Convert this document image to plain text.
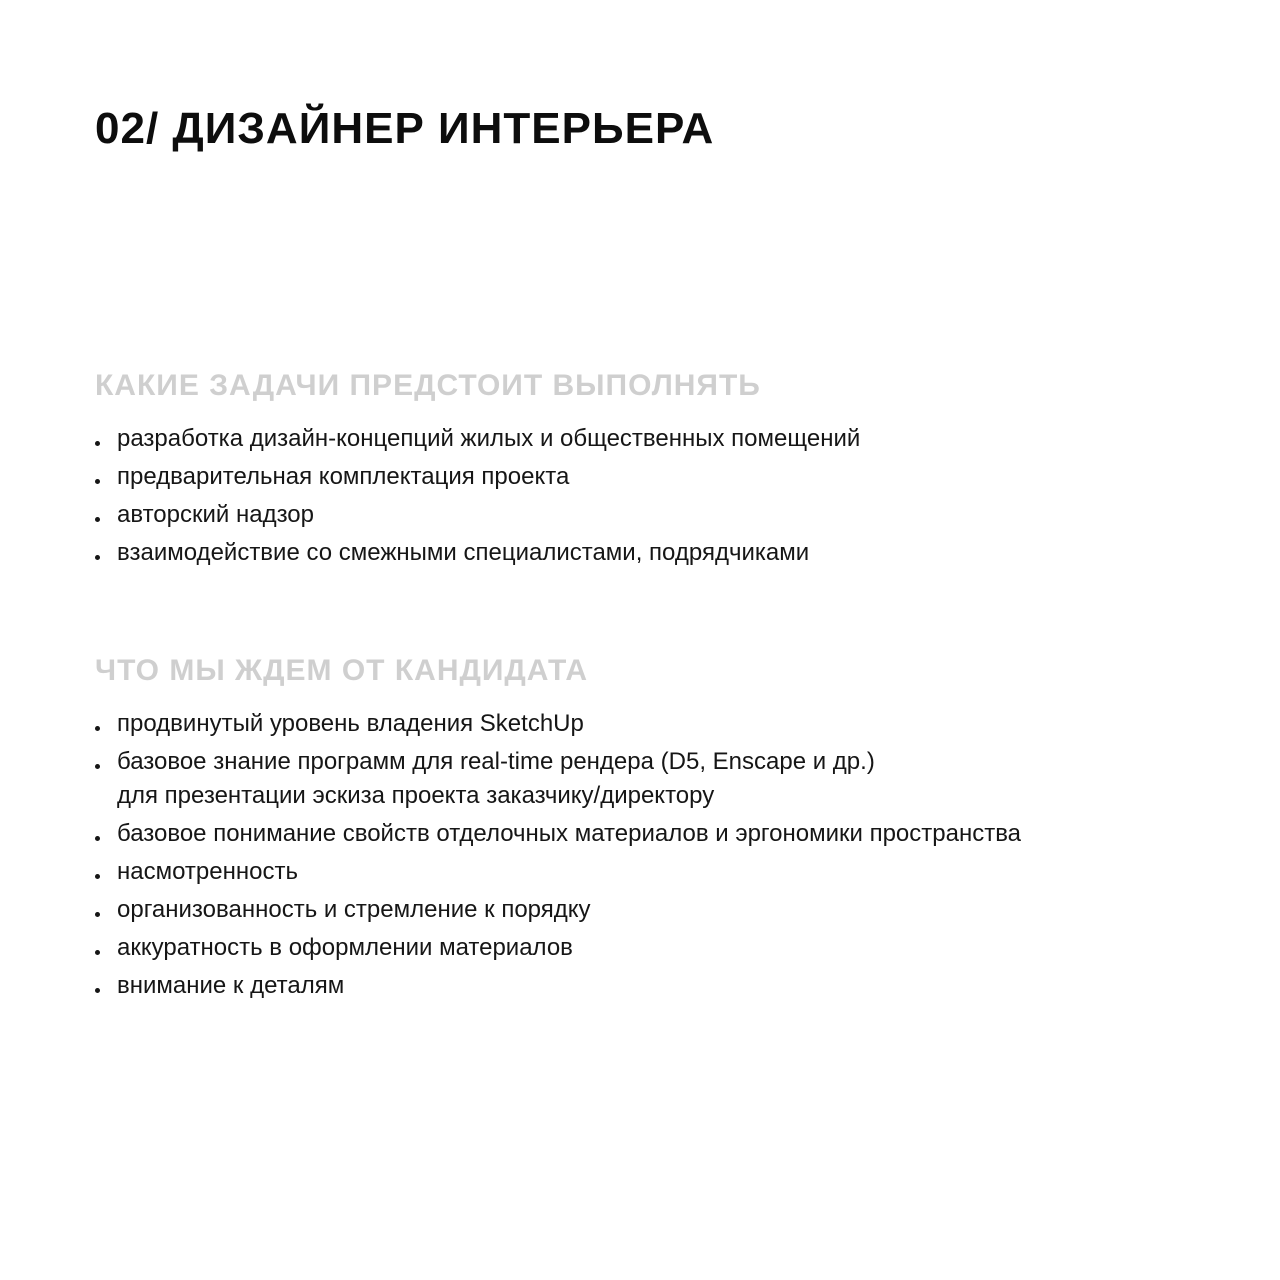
02/ ДИЗАЙНЕР ИНТЕРЬЕРА
КАКИЕ ЗАДАЧИ ПРЕДСТОИТ ВЫПОЛНЯТЬ
разработка дизайн-концепций жилых и общественных помещений
предварительная комплектация проекта
авторский надзор
взаимодействие со смежными специалистами, подрядчиками
ЧТО МЫ ЖДЕМ ОТ КАНДИДАТА
продвинутый уровень владения SketchUp
базовое знание программ для real-time рендера (D5, Enscape и др.)
для презентации эскиза проекта заказчику/директору
базовое понимание свойств отделочных материалов и эргономики пространства
насмотренность
организованность и стремление к порядку
аккуратность в оформлении материалов
внимание к деталям
